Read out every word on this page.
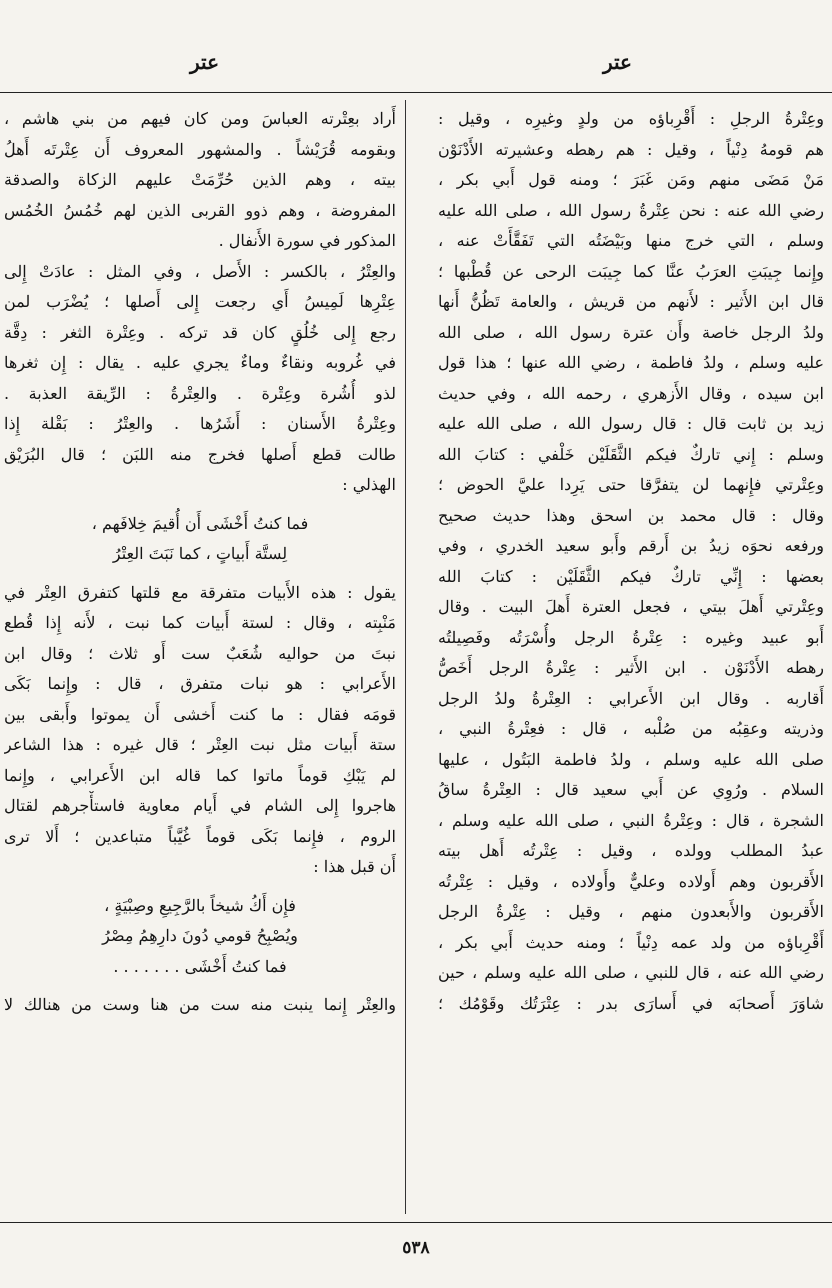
عتر
عتر
وعِتْرةُ الرجلِ : أَقْرِباؤه من ولدٍ وغيرِه ، وقيل :
هم قومهُ دِنْياً ، وقيل : هم رهطه وعشيرته الأَدْنَوْن
مَنْ مَضَى منهم ومَن غَبَرَ ؛ ومنه قول أَبي بكر ،
رضي الله عنه : نحن عِتْرةُ رسول الله ، صلى الله عليه
وسلم ، التي خرج منها وبَيْضَتُه التي تَفَقَّأَتْ عنه ،
وإِنما جِيبَتِ العرَبُ عنَّا كما جِيبَت الرحى عن قُطْبها ؛
قال ابن الأَثير : لأَنهم من قريش ، والعامة تَظُنُّ أَنها
ولدُ الرجل خاصة وأَن عترة رسول الله ، صلى الله
عليه وسلم ، ولدُ فاطمة ، رضي الله عنها ؛ هذا قول
ابن سيده ، وقال الأَزهري ، رحمه الله ، وفي حديث
زيد بن ثابت قال : قال رسول الله ، صلى الله عليه
وسلم : إِني تاركٌ فيكم الثَّقَلَيْن خَلْفي : كتابَ الله
وعِتْرتي فإِنهما لن يتفرَّقا حتى يَرِدا عليَّ الحوض ؛
وقال : قال محمد بن اسحق وهذا حديث صحيح
ورفعه نحوَه زيدُ بن أَرقم وأَبو سعيد الخدري ، وفي
بعضها : إِنِّي تاركٌ فيكم الثَّقَلَيْن : كتابَ الله
وعِتْرتي أَهلَ بيتي ، فجعل العترة أَهلَ البيت . وقال
أَبو عبيد وغيره : عِتْرةُ الرجل وأُسْرَتُه وفَصِيلتُه
رهطه الأَدْنَوْن . ابن الأَثير : عِتْرةُ الرجل أَخَصُّ
أَقاربه . وقال ابن الأَعرابي : العِتْرةُ ولدُ الرجل
وذريته وعقِبُه من صُلْبه ، قال : فعِتْرةُ النبي ،
صلى الله عليه وسلم ، ولدُ فاطمة البَتُول ، عليها
السلام . ورُوِي عن أَبي سعيد قال : العِتْرةُ ساقُ
الشجرة ، قال : وعِتْرةُ النبي ، صلى الله عليه وسلم ،
عبدُ المطلب وولده ، وقيل : عِتْرتُه أَهل بيته
الأَقربون وهم أَولاده وعليٌّ وأَولاده ، وقيل : عِتْرتُه
الأَقربون والأَبعدون منهم ، وقيل : عِتْرةُ الرجل
أَقْرِباؤه من ولد عمه دِنْياً ؛ ومنه حديث أَبي بكر ،
رضي الله عنه ، قال للنبي ، صلى الله عليه وسلم ، حين
شاوَرَ أَصحابَه في أَسارَى بدر : عِتْرَتُك وقَوْمُك ؛
أَراد بعِتْرته العباسَ ومن كان فيهم من بني هاشم ،
وبقومه قُرَيْشاً . والمشهور المعروف أَن عِتْرتَه أَهلُ
بيته ، وهم الذين حُرِّمَتْ عليهم الزكاة والصدقة
المفروضة ، وهم ذوو القربى الذين لهم خُمُسُ الخُمُس
المذكور في سورة الأَنفال .
والعِتْرُ ، بالكسر : الأَصل ، وفي المثل : عادَتْ إِلى
عِتْرِها لَمِيسُ أَي رجعت إِلى أَصلها ؛ يُضْرَب لمن
رجع إِلى خُلُقٍ كان قد تركه . وعِتْرة الثغر : دِقَّة
في غُروبه ونقاءٌ وماءٌ يجري عليه . يقال : إِن ثغرها
لذو أُشُرة وعِتْرة . والعِتْرةُ : الرِّيقة العذبة .
وعِتْرةُ الأَسنان : أَشَرُها . والعِتْرُ : بَقْلة إِذا
طالت قطع أَصلها فخرج منه اللبَن ؛ قال البُرَيْق
الهذلي :
فما كنتُ أَخْشَى أَن أُقيمَ خِلافَهم ،
لِستَّة أَبياتٍ ، كما نَبَتَ العِتْرُ
يقول : هذه الأَبيات متفرقة مع قلتها كتفرق العِتْر في
مَنْبِته ، وقال : لستة أَبيات كما نبت ، لأَنه إِذا قُطع
نبتَ من حواليه شُعَبٌ ست أَو ثلاث ؛ وقال ابن
الأَعرابي : هو نبات متفرق ، قال : وإِنما بَكَى
قومَه فقال : ما كنت أَخشى أَن يموتوا وأَبقى بين
ستة أَبيات مثل نبت العِتْر ؛ قال غيره : هذا الشاعر
لم يَبْكِ قوماً ماتوا كما قاله ابن الأَعرابي ، وإِنما
هاجروا إِلى الشام في أَيام معاوية فاستأْجرهم لقتال
الروم ، فإِنما بَكَى قوماً غُيَّباً متباعدين ؛ أَلا ترى
أَن قبل هذا :
فإِن أَكُ شيخاً بالرَّجِيعِ وصِبْيَةٍ ،
ويُصْبِحُ قومي دُونَ دارِهِمُ مِصْرُ
فما كنتُ أَخْشَى . . . . . . .
والعِتْر إِنما ينبت منه ست من هنا وست من هنالك لا
٥٣٨
